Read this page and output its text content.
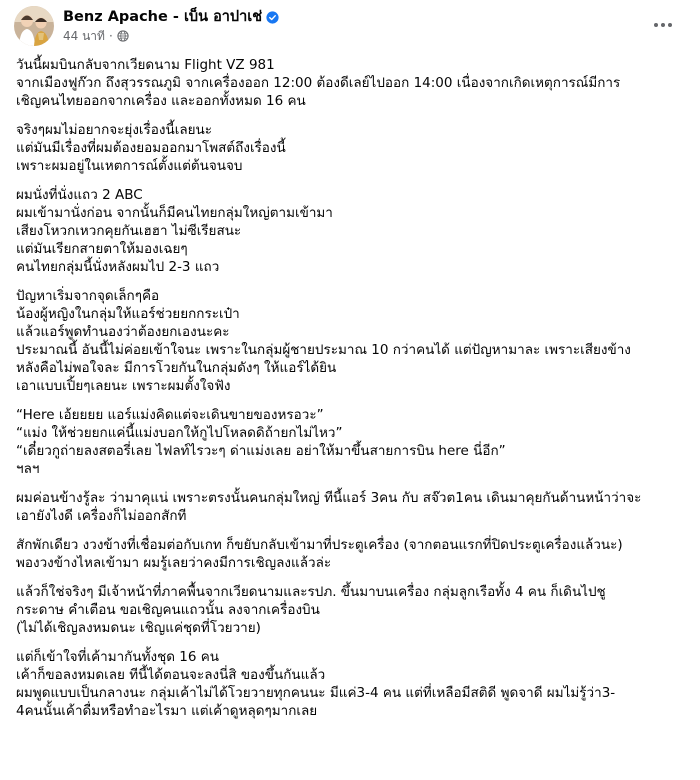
Benz Apache - เบ็น อาปาเช่
44 นาที ·

วันนี้ผมบินกลับจากเวียดนาม Flight VZ 981

จากเมืองฟูก๊วก ถึงสุวรรณภูมิ จากเครื่องออก 12:00 ต้องดีเลย์ไปออก 14:00 เนื่องจากเกิดเหตุการณ์มีการ

เชิญคนไทยออกจากเครื่อง และออกทั้งหมด 16 คน

จริงๆผมไม่อยากจะยุ่งเรื่องนี้เลยนะ

แต่มันมีเรื่องที่ผมต้องยอมออกมาโพสต์ถึงเรื่องนี้

เพราะผมอยู่ในเหตการณ์ตั้งแต่ต้นจนจบ

ผมนั่งที่นั่งแถว 2 ABC

ผมเข้ามานั่งก่อน จากนั้นก็มีคนไทยกลุ่มใหญ่ตามเข้ามา

เสียงโหวกเหวกคุยกันเฮฮา ไม่ซีเรียสนะ

แต่มันเรียกสายตาให้มองเฉยๆ

คนไทยกลุ่มนี้นั่งหลังผมไป 2-3 แถว

ปัญหาเริ่มจากจุดเล็กๆคือ

น้องผู้หญิงในกลุ่มให้แอร์ช่วยยกกระเป๋า

แล้วแอร์พูดทำนองว่าต้องยกเองนะคะ

ประมาณนี้ อันนี้ไม่ค่อยเข้าใจนะ เพราะในกลุ่มผู้ชายประมาณ 10 กว่าคนได้ แต่ปัญหามาละ เพราะเสียงข้าง

หลังคือไม่พอใจละ มีการโวยกันในกลุ่มดังๆ ให้แอร์ได้ยิน

เอาแบบเปิ้ยๆเลยนะ เพราะผมตั้งใจฟัง

“Here เอ้ยยยย แอร์แม่งคิดแต่จะเดินขายของหรอวะ”

“แม่ง ให้ช่วยยกแค่นี้แม่งบอกให้กูไปโหลดดิถ้ายกไม่ไหว”

“เดี๋ยวกูถ่ายลงสตอรี่เลย ไฟลท์ไรวะๆ ด่าแม่งเลย อย่าให้มาขึ้นสายการบิน here นี่อีก”

ฯลฯ

ผมค่อนข้างรู้ละ ว่ามาคุแน่ เพราะตรงนั้นคนกลุ่มใหญ่ ทีนี้แอร์ 3คน กับ สจ๊วต1คน เดินมาคุยกันด้านหน้าว่าจะ

เอายังไงดี เครื่องก็ไม่ออกสักที

สักพักเดียว งวงข้างที่เชื่อมต่อกับเกท ก็ขยับกลับเข้ามาที่ประตูเครื่อง (จากตอนแรกที่ปิดประตูเครื่องแล้วนะ)

พองวงข้างไหลเข้ามา ผมรู้เลยว่าคงมีการเชิญลงแล้วล่ะ

แล้วก็ใช่จริงๆ มีเจ้าหน้าที่ภาคพื้นจากเวียดนามและรปภ. ขึ้นมาบนเครื่อง กลุ่มลูกเรือทั้ง 4 คน ก็เดินไปชู

กระดาษ คำเตือน ขอเชิญคนแถวนั้น ลงจากเครื่องบิน

(ไม่ได้เชิญลงหมดนะ เชิญแค่ชุดที่โวยวาย)

แต่ก็เข้าใจที่เค้ามากันทั้งชุด 16 คน

เค้าก็ขอลงหมดเลย ทีนี้ได้ตอนจะลงนี่สิ ของขึ้นกันแล้ว

ผมพูดแบบเป็นกลางนะ กลุ่มเค้าไม่ได้โวยวายทุกคนนะ มีแค่3-4 คน แต่ที่เหลือมีสติดี พูดจาดี ผมไม่รู้ว่า3-

4คนนั้นเค้าดื่มหรือทำอะไรมา แต่เค้าดูหลุดๆมากเลย
